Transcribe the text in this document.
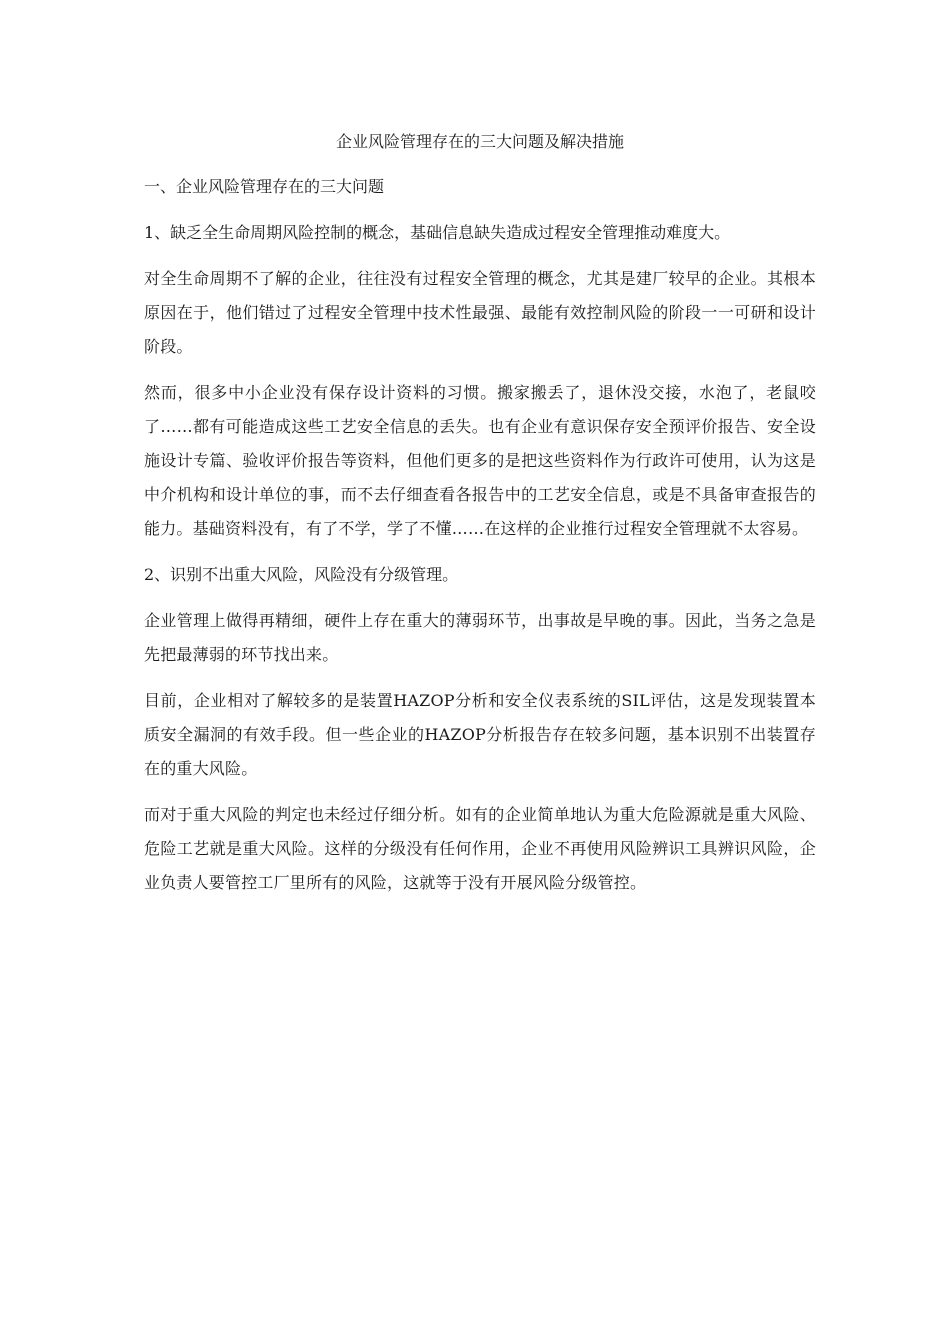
企业风险管理存在的三大问题及解决措施

一、企业风险管理存在的三大问题

1、缺乏全生命周期风险控制的概念，基础信息缺失造成过程安全管理推动难度大。

对全生命周期不了解的企业，往往没有过程安全管理的概念，尤其是建厂较早的企业。其根本原因在于，他们错过了过程安全管理中技术性最强、最能有效控制风险的阶段一一可研和设计阶段。

然而，很多中小企业没有保存设计资料的习惯。搬家搬丢了，退休没交接，水泡了，老鼠咬了……都有可能造成这些工艺安全信息的丢失。也有企业有意识保存安全预评价报告、安全设施设计专篇、验收评价报告等资料，但他们更多的是把这些资料作为行政许可使用，认为这是中介机构和设计单位的事，而不去仔细查看各报告中的工艺安全信息，或是不具备审查报告的能力。基础资料没有，有了不学，学了不懂……在这样的企业推行过程安全管理就不太容易。

2、识别不出重大风险，风险没有分级管理。

企业管理上做得再精细，硬件上存在重大的薄弱环节，出事故是早晚的事。因此，当务之急是先把最薄弱的环节找出来。

目前，企业相对了解较多的是装置HAZOP分析和安全仪表系统的SIL评估，这是发现装置本质安全漏洞的有效手段。但一些企业的HAZOP分析报告存在较多问题，基本识别不出装置存在的重大风险。

而对于重大风险的判定也未经过仔细分析。如有的企业简单地认为重大危险源就是重大风险、危险工艺就是重大风险。这样的分级没有任何作用，企业不再使用风险辨识工具辨识风险，企业负责人要管控工厂里所有的风险，这就等于没有开展风险分级管控。
